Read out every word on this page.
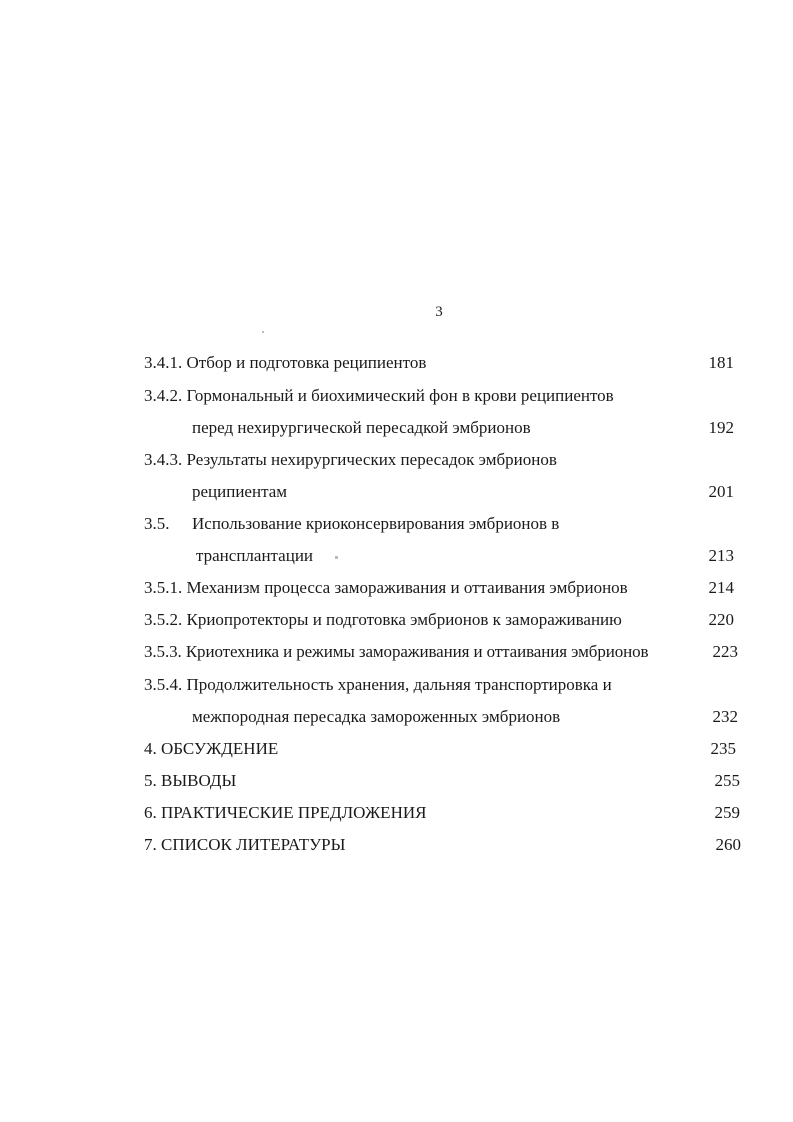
3
3.4.1. Отбор и подготовка реципиентов	181
3.4.2. Гормональный и биохимический фон в крови реципиентов
перед нехирургической пересадкой эмбрионов	192
3.4.3. Результаты нехирургических пересадок эмбрионов
реципиентам	201
3.5. Использование криоконсервирования эмбрионов в
трансплантации	213
3.5.1. Механизм процесса замораживания и оттаивания эмбрионов	214
3.5.2. Криопротекторы и подготовка эмбрионов к замораживанию	220
3.5.3. Криотехника и режимы замораживания и оттаивания эмбрионов	223
3.5.4. Продолжительность хранения, дальняя транспортировка и
межпородная пересадка замороженных эмбрионов	232
4. ОБСУЖДЕНИЕ	235
5. ВЫВОДЫ	255
6. ПРАКТИЧЕСКИЕ ПРЕДЛОЖЕНИЯ	259
7. СПИСОК ЛИТЕРАТУРЫ	260
